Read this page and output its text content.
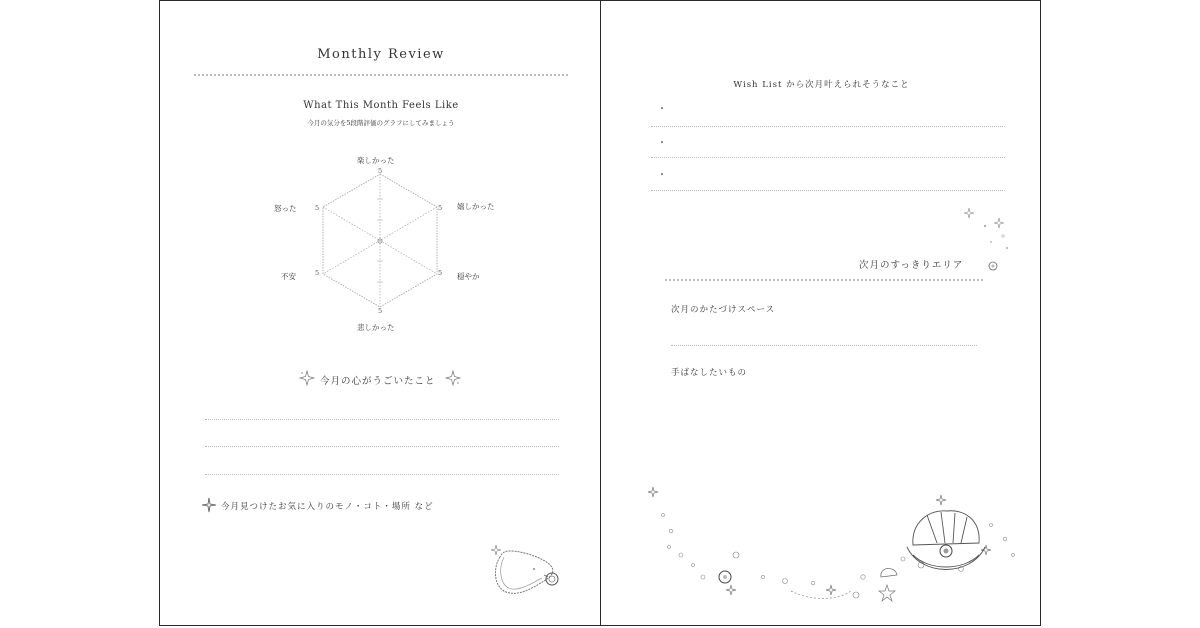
Monthly Review
What This Month Feels Like
今月の気分を5段階評価のグラフにしてみましょう
楽しかった
5
嬉しかった
5
穏やか
5
5
悲しかった
不安	5
怒った	5
今月の心がうごいたこと
今月見つけたお気に入りのモノ・コト・場所 など
Wish List から次月叶えられそうなこと
・
・
・
次月のすっきりエリア
次月のかたづけスペース
手ばなしたいもの
